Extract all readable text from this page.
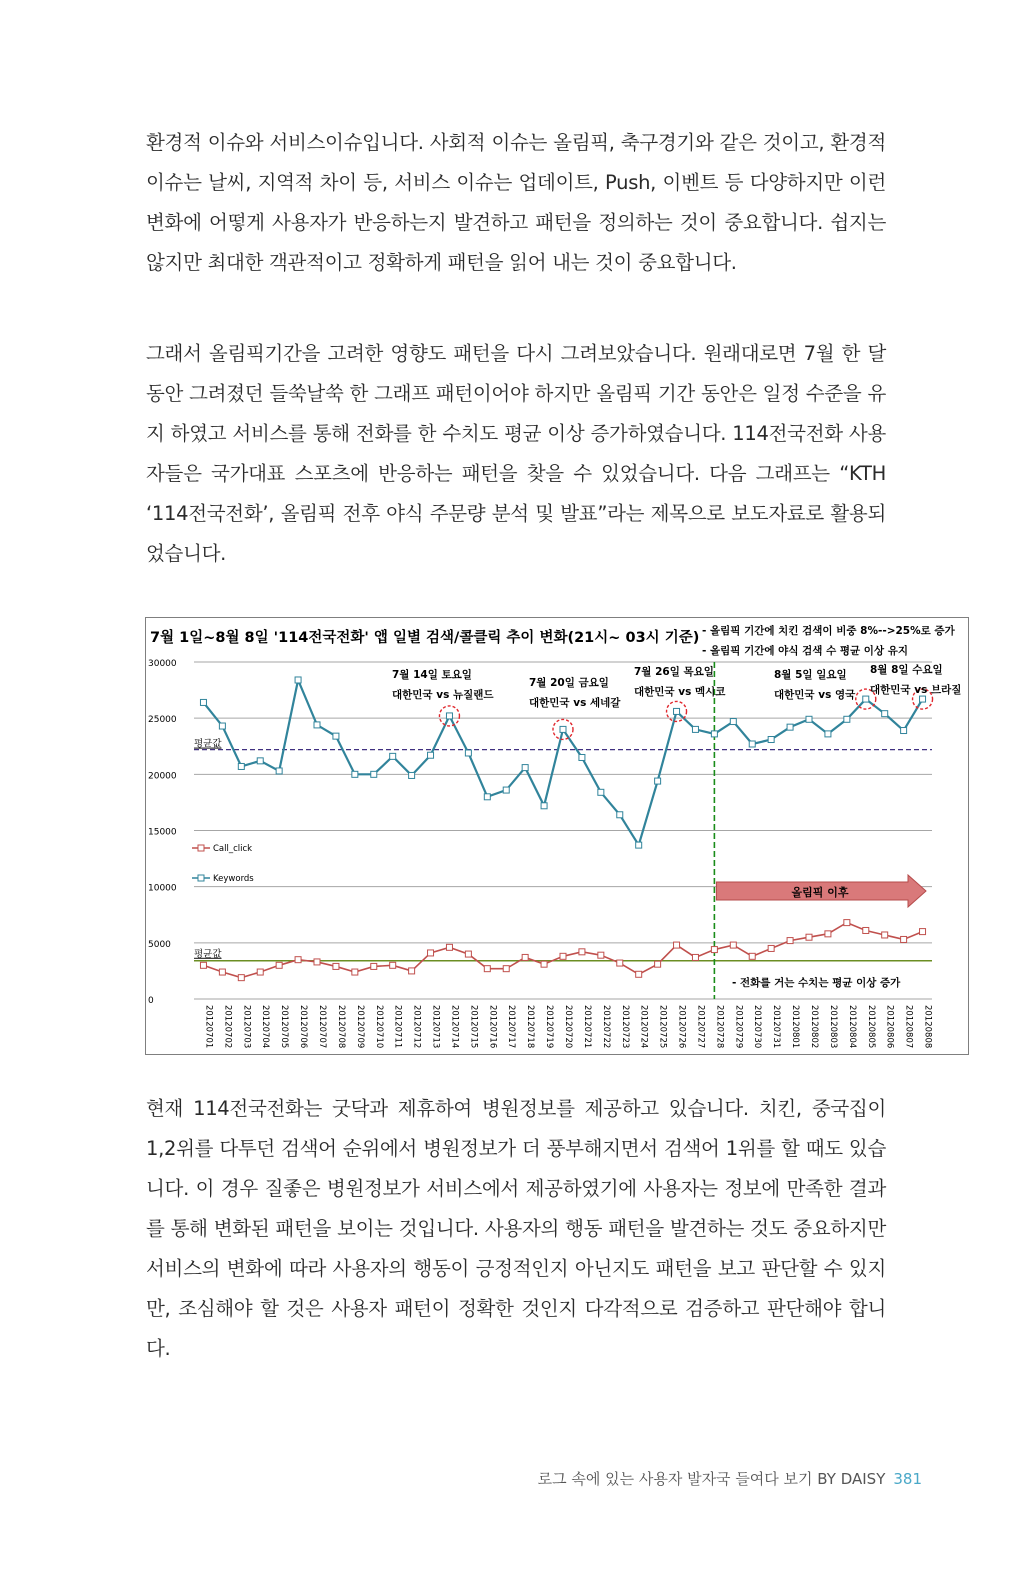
환경적 이슈와 서비스이슈입니다. 사회적 이슈는 올림픽, 축구경기와 같은 것이고, 환경적 이슈는 날씨, 지역적 차이 등, 서비스 이슈는 업데이트, Push, 이벤트 등 다양하지만 이런 변화에 어떻게 사용자가 반응하는지 발견하고 패턴을 정의하는 것이 중요합니다. 쉽지는 않지만 최대한 객관적이고 정확하게 패턴을 읽어 내는 것이 중요합니다.

그래서 올림픽기간을 고려한 영향도 패턴을 다시 그려보았습니다. 원래대로면 7월 한 달 동안 그려졌던 들쑥날쑥 한 그래프 패턴이어야 하지만 올림픽 기간 동안은 일정 수준을 유지 하였고 서비스를 통해 전화를 한 수치도 평균 이상 증가하였습니다. 114전국전화 사용자들은 국가대표 스포츠에 반응하는 패턴을 찾을 수 있었습니다. 다음 그래프는 “KTH ‘114전국전화’, 올림픽 전후 야식 주문량 분석 및 발표”라는 제목으로 보도자료로 활용되었습니다.

7월 1일~8월 8일 '114전국전화' 앱 일별 검색/콜클릭 추이 변화(21시~ 03시 기준) - 올림픽 기간에 치킨 검색이 비중 8%-->25%로 증가
- 올림픽 기간에 야식 검색 수 평균 이상 유지
0
5000
10000
15000
20000
25000
30000
20120701 20120702 20120703 20120704 20120705 20120706 20120707 20120708 20120709 20120710 20120711 20120712 20120713 20120714 20120715 20120716 20120717 20120718 20120719 20120720 20120721 20120722 20120723 20120724 20120725 20120726 20120727 20120728 20120729 20120730 20120731 20120801 20120802 20120803 20120804 20120805 20120806 20120807 20120808
평균값
평균값
올림픽 이후
- 전화를 거는 수치는 평균 이상 증가
Call_click
Keywords
7월 14일 토요일
대한민국 vs 뉴질랜드
7월 20일 금요일
대한민국 vs 세네갈
7월 26일 목요일
대한민국 vs 멕시코
8월 5일 일요일
대한민국 vs 영국
8월 8일 수요일
대한민국 vs 브라질

현재 114전국전화는 굿닥과 제휴하여 병원정보를 제공하고 있습니다. 치킨, 중국집이 1,2위를 다투던 검색어 순위에서 병원정보가 더 풍부해지면서 검색어 1위를 할 때도 있습니다. 이 경우 질좋은 병원정보가 서비스에서 제공하였기에 사용자는 정보에 만족한 결과를 통해 변화된 패턴을 보이는 것입니다. 사용자의 행동 패턴을 발견하는 것도 중요하지만 서비스의 변화에 따라 사용자의 행동이 긍정적인지 아닌지도 패턴을 보고 판단할 수 있지만, 조심해야 할 것은 사용자 패턴이 정확한 것인지 다각적으로 검증하고 판단해야 합니다.

로그 속에 있는 사용자 발자국 들여다 보기 BY DAISY 381
